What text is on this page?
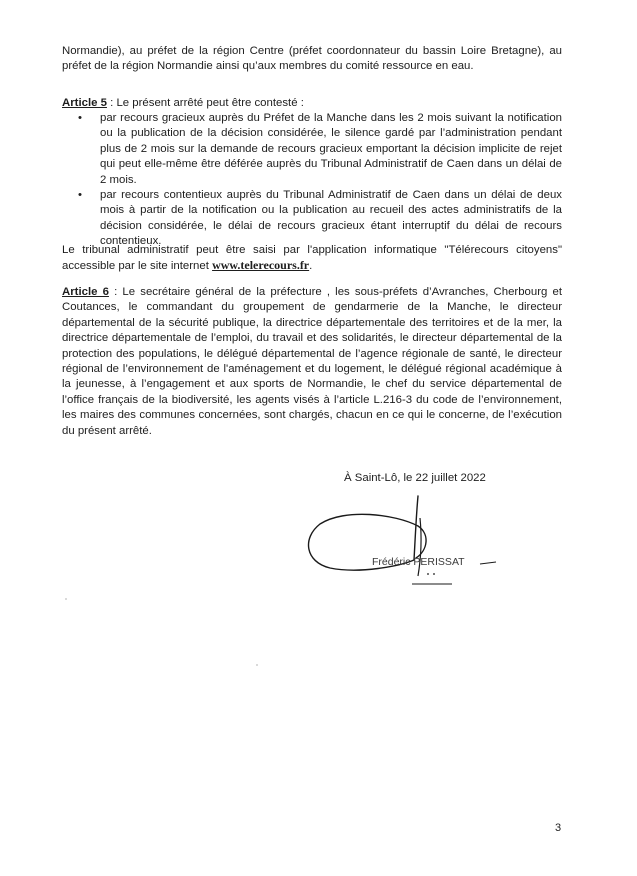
Normandie), au préfet de la région Centre (préfet coordonnateur du bassin Loire Bretagne), au préfet de la région Normandie ainsi qu’aux membres du comité ressource en eau.
Article 5 : Le présent arrêté peut être contesté :
• par recours gracieux auprès du Préfet de la Manche dans les 2 mois suivant la notification ou la publication de la décision considérée, le silence gardé par l’administration pendant plus de 2 mois sur la demande de recours gracieux emportant la décision implicite de rejet qui peut elle-même être déférée auprès du Tribunal Administratif de Caen dans un délai de 2 mois.
• par recours contentieux auprès du Tribunal Administratif de Caen dans un délai de deux mois à partir de la notification ou la publication au recueil des actes administratifs de la décision considérée, le délai de recours gracieux étant interruptif du délai de recours contentieux.
Le tribunal administratif peut être saisi par l'application informatique "Télérecours citoyens" accessible par le site internet www.telerecours.fr.
Article 6 : Le secrétaire général de la préfecture , les sous-préfets d’Avranches, Cherbourg et Coutances, le commandant du groupement de gendarmerie de la Manche, le directeur départemental de la sécurité publique, la directrice départementale des territoires et de la mer, la directrice départementale de l’emploi, du travail et des solidarités, le directeur départemental de la protection des populations, le délégué départemental de l’agence régionale de santé, le directeur régional de l’environnement de l'aménagement et du logement, le délégué régional académique à la jeunesse, à l’engagement et aux sports de Normandie, le chef du service départemental de l’office français de la biodiversité, les agents visés à l’article L.216-3 du code de l’environnement, les maires des communes concernées, sont chargés, chacun en ce qui le concerne, de l’exécution du présent arrêté.
À Saint-Lô, le 22 juillet 2022
Frédéric PERISSAT
3
